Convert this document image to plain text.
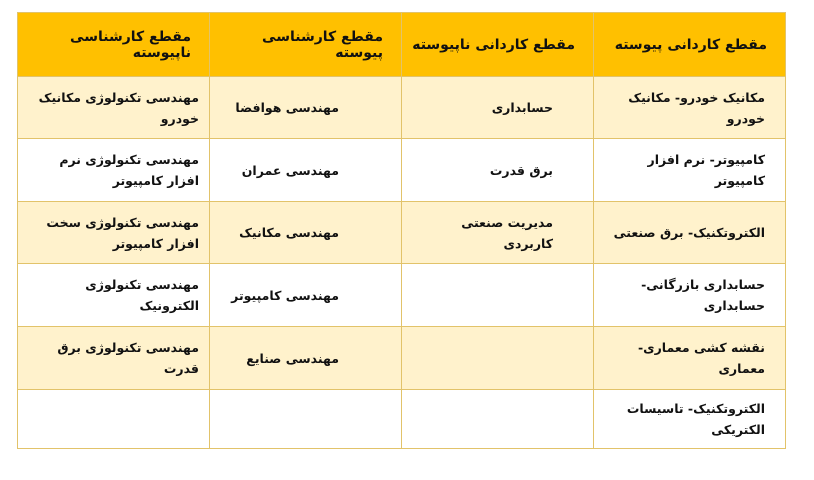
مقطع کاردانی پیوسته	مقطع کاردانی ناپیوسته	مقطع کارشناسی پیوسته	مقطع کارشناسی ناپیوسته
مکانیک خودرو- مکانیک خودرو	حسابداری	مهندسی هوافضا	مهندسی تکنولوژی مکانیک خودرو
کامپیوتر- نرم افزار کامپیوتر	برق قدرت	مهندسی عمران	مهندسی تکنولوژی نرم افزار کامپیوتر
الکتروتکنیک- برق صنعتی	مدیریت صنعتی کاربردی	مهندسی مکانیک	مهندسی تکنولوژی سخت افزار کامپیوتر
حسابداری بازرگانی- حسابداری		مهندسی کامپیوتر	مهندسی تکنولوژی الکترونیک
نقشه کشی معماری- معماری		مهندسی صنایع	مهندسی تکنولوژی برق قدرت
الکتروتکنیک- تاسیسات الکتریکی			
